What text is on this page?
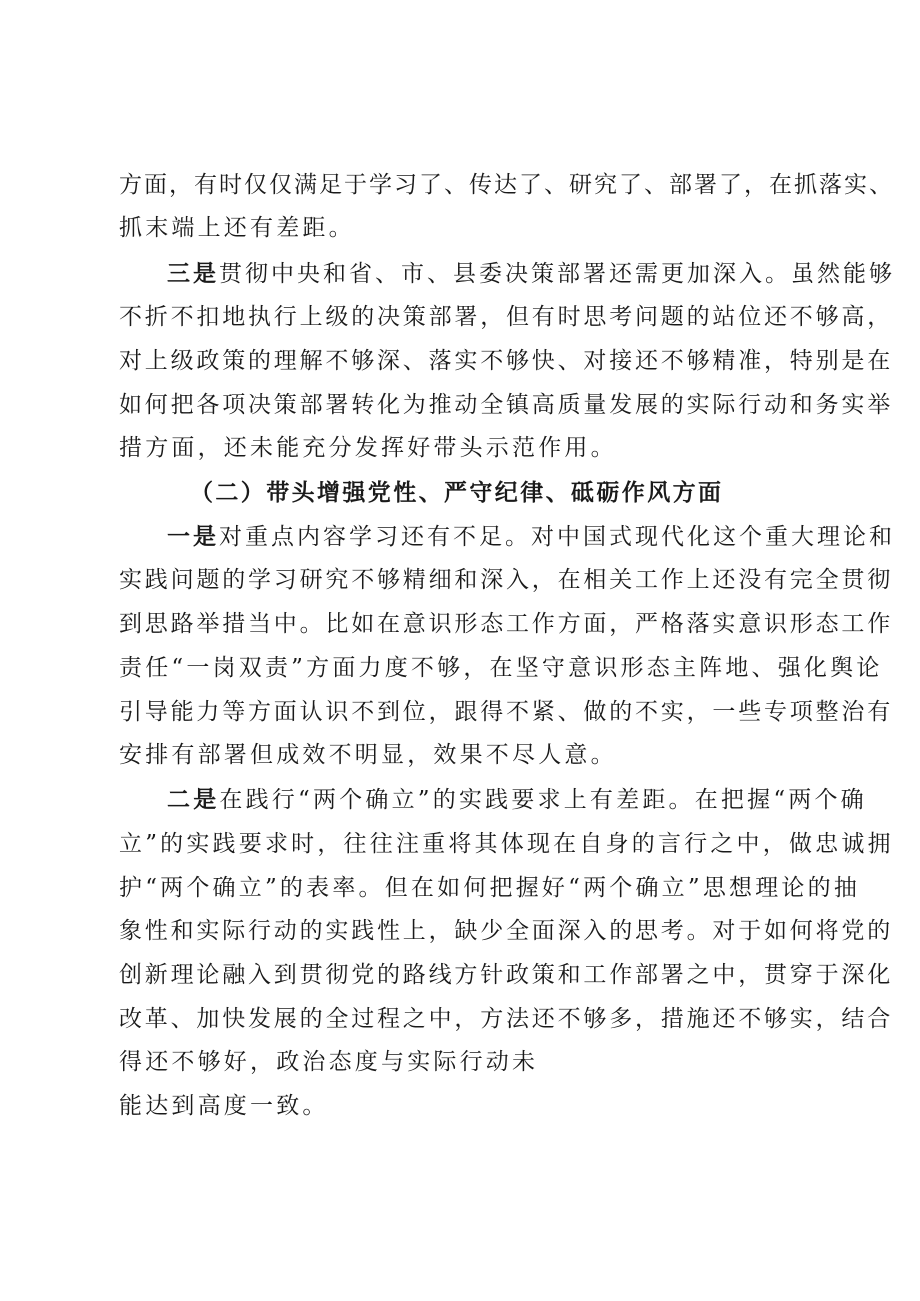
方面，有时仅仅满足于学习了、传达了、研究了、部署了，在抓落实、
抓末端上还有差距。
三是贯彻中央和省、市、县委决策部署还需更加深入。虽然能够
不折不扣地执行上级的决策部署，但有时思考问题的站位还不够高，
对上级政策的理解不够深、落实不够快、对接还不够精准，特别是在
如何把各项决策部署转化为推动全镇高质量发展的实际行动和务实举
措方面，还未能充分发挥好带头示范作用。
（二）带头增强党性、严守纪律、砥砺作风方面
一是对重点内容学习还有不足。对中国式现代化这个重大理论和
实践问题的学习研究不够精细和深入，在相关工作上还没有完全贯彻
到思路举措当中。比如在意识形态工作方面，严格落实意识形态工作
责任“一岗双责”方面力度不够，在坚守意识形态主阵地、强化舆论
引导能力等方面认识不到位，跟得不紧、做的不实，一些专项整治有
安排有部署但成效不明显，效果不尽人意。
二是在践行“两个确立”的实践要求上有差距。在把握“两个确
立”的实践要求时，往往注重将其体现在自身的言行之中，做忠诚拥
护“两个确立”的表率。但在如何把握好“两个确立”思想理论的抽
象性和实际行动的实践性上，缺少全面深入的思考。对于如何将党的
创新理论融入到贯彻党的路线方针政策和工作部署之中，贯穿于深化
改革、加快发展的全过程之中，方法还不够多，措施还不够实，结合
得还不够好，政治态度与实际行动未
能达到高度一致。
